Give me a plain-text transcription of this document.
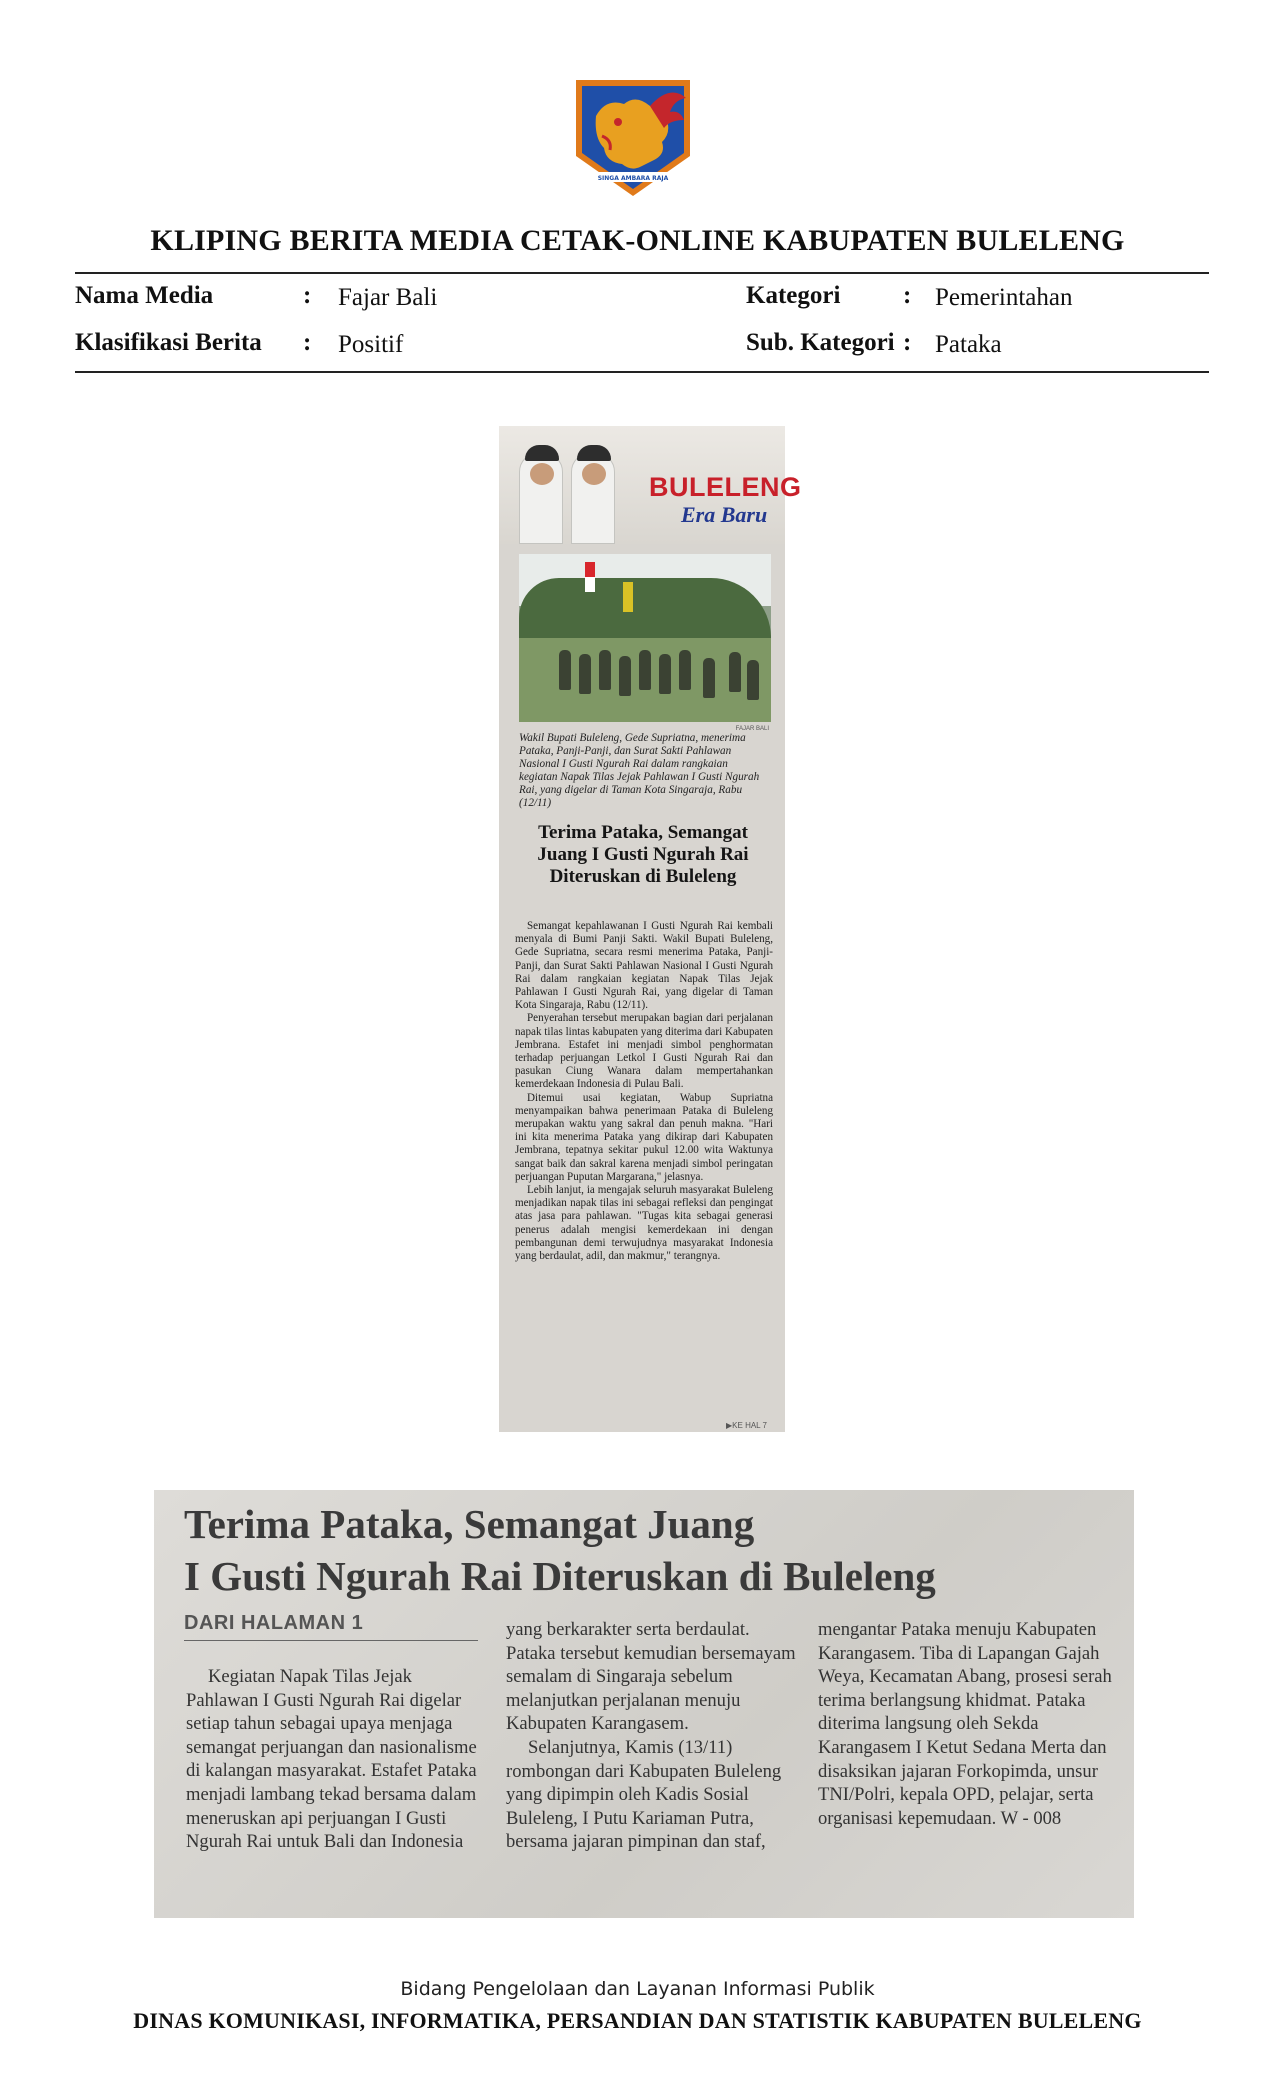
SINGA AMBARA RAJA
KLIPING BERITA MEDIA CETAK-ONLINE KABUPATEN BULELENG
Nama Media	: Fajar Bali
Klasifikasi Berita : Positif
Kategori	: Pemerintahan
Sub. Kategori : Pataka
BULELENG
Era Baru
FAJAR BALI
Wakil Bupati Buleleng, Gede Supriatna, menerima Pataka, Panji-Panji, dan Surat Sakti Pahlawan Nasional I Gusti Ngurah Rai dalam rangkaian kegiatan Napak Tilas Jejak Pahlawan I Gusti Ngurah Rai, yang digelar di Taman Kota Singaraja, Rabu (12/11)
Terima Pataka, Semangat Juang I Gusti Ngurah Rai Diteruskan di Buleleng

Semangat kepahlawanan I Gusti Ngurah Rai kembali menyala di Bumi Panji Sakti. Wakil Bupati Buleleng, Gede Supriatna, secara resmi menerima Pataka, Panji-Panji, dan Surat Sakti Pahlawan Nasional I Gusti Ngurah Rai dalam rangkaian kegiatan Napak Tilas Jejak Pahlawan I Gusti Ngurah Rai, yang digelar di Taman Kota Singaraja, Rabu (12/11).

Penyerahan tersebut merupakan bagian dari perjalanan napak tilas lintas kabupaten yang diterima dari Kabupaten Jembrana. Estafet ini menjadi simbol penghormatan terhadap perjuangan Letkol I Gusti Ngurah Rai dan pasukan Ciung Wanara dalam mempertahankan kemerdekaan Indonesia di Pulau Bali.

Ditemui usai kegiatan, Wabup Supriatna menyampaikan bahwa penerimaan Pataka di Buleleng merupakan waktu yang sakral dan penuh makna. "Hari ini kita menerima Pataka yang dikirap dari Kabupaten Jembrana, tepatnya sekitar pukul 12.00 wita Waktunya sangat baik dan sakral karena menjadi simbol peringatan perjuangan Puputan Margarana," jelasnya.

Lebih lanjut, ia mengajak seluruh masyarakat Buleleng menjadikan napak tilas ini sebagai refleksi dan pengingat atas jasa para pahlawan. "Tugas kita sebagai generasi penerus adalah mengisi kemerdekaan ini dengan pembangunan demi terwujudnya masyarakat Indonesia yang berdaulat, adil, dan makmur," terangnya.

▶KE HAL 7
Terima Pataka, Semangat Juang
I Gusti Ngurah Rai Diteruskan di Buleleng
DARI HALAMAN 1

Kegiatan Napak Tilas Jejak Pahlawan I Gusti Ngurah Rai digelar setiap tahun sebagai upaya menjaga semangat perjuangan dan nasionalisme di kalangan masyarakat. Estafet Pataka menjadi lambang tekad bersama dalam meneruskan api perjuangan I Gusti Ngurah Rai untuk Bali dan Indonesia

yang berkarakter serta berdaulat. Pataka tersebut kemudian bersemayam semalam di Singaraja sebelum melanjutkan perjalanan menuju Kabupaten Karangasem.

Selanjutnya, Kamis (13/11) rombongan dari Kabupaten Buleleng yang dipimpin oleh Kadis Sosial Buleleng, I Putu Kariaman Putra, bersama jajaran pimpinan dan staf,

mengantar Pataka menuju Kabupaten Karangasem. Tiba di Lapangan Gajah Weya, Kecamatan Abang, prosesi serah terima berlangsung khidmat. Pataka diterima langsung oleh Sekda Karangasem I Ketut Sedana Merta dan disaksikan jajaran Forkopimda, unsur TNI/Polri, kepala OPD, pelajar, serta organisasi kepemudaan. W - 008
Bidang Pengelolaan dan Layanan Informasi Publik
DINAS KOMUNIKASI, INFORMATIKA, PERSANDIAN DAN STATISTIK KABUPATEN BULELENG
